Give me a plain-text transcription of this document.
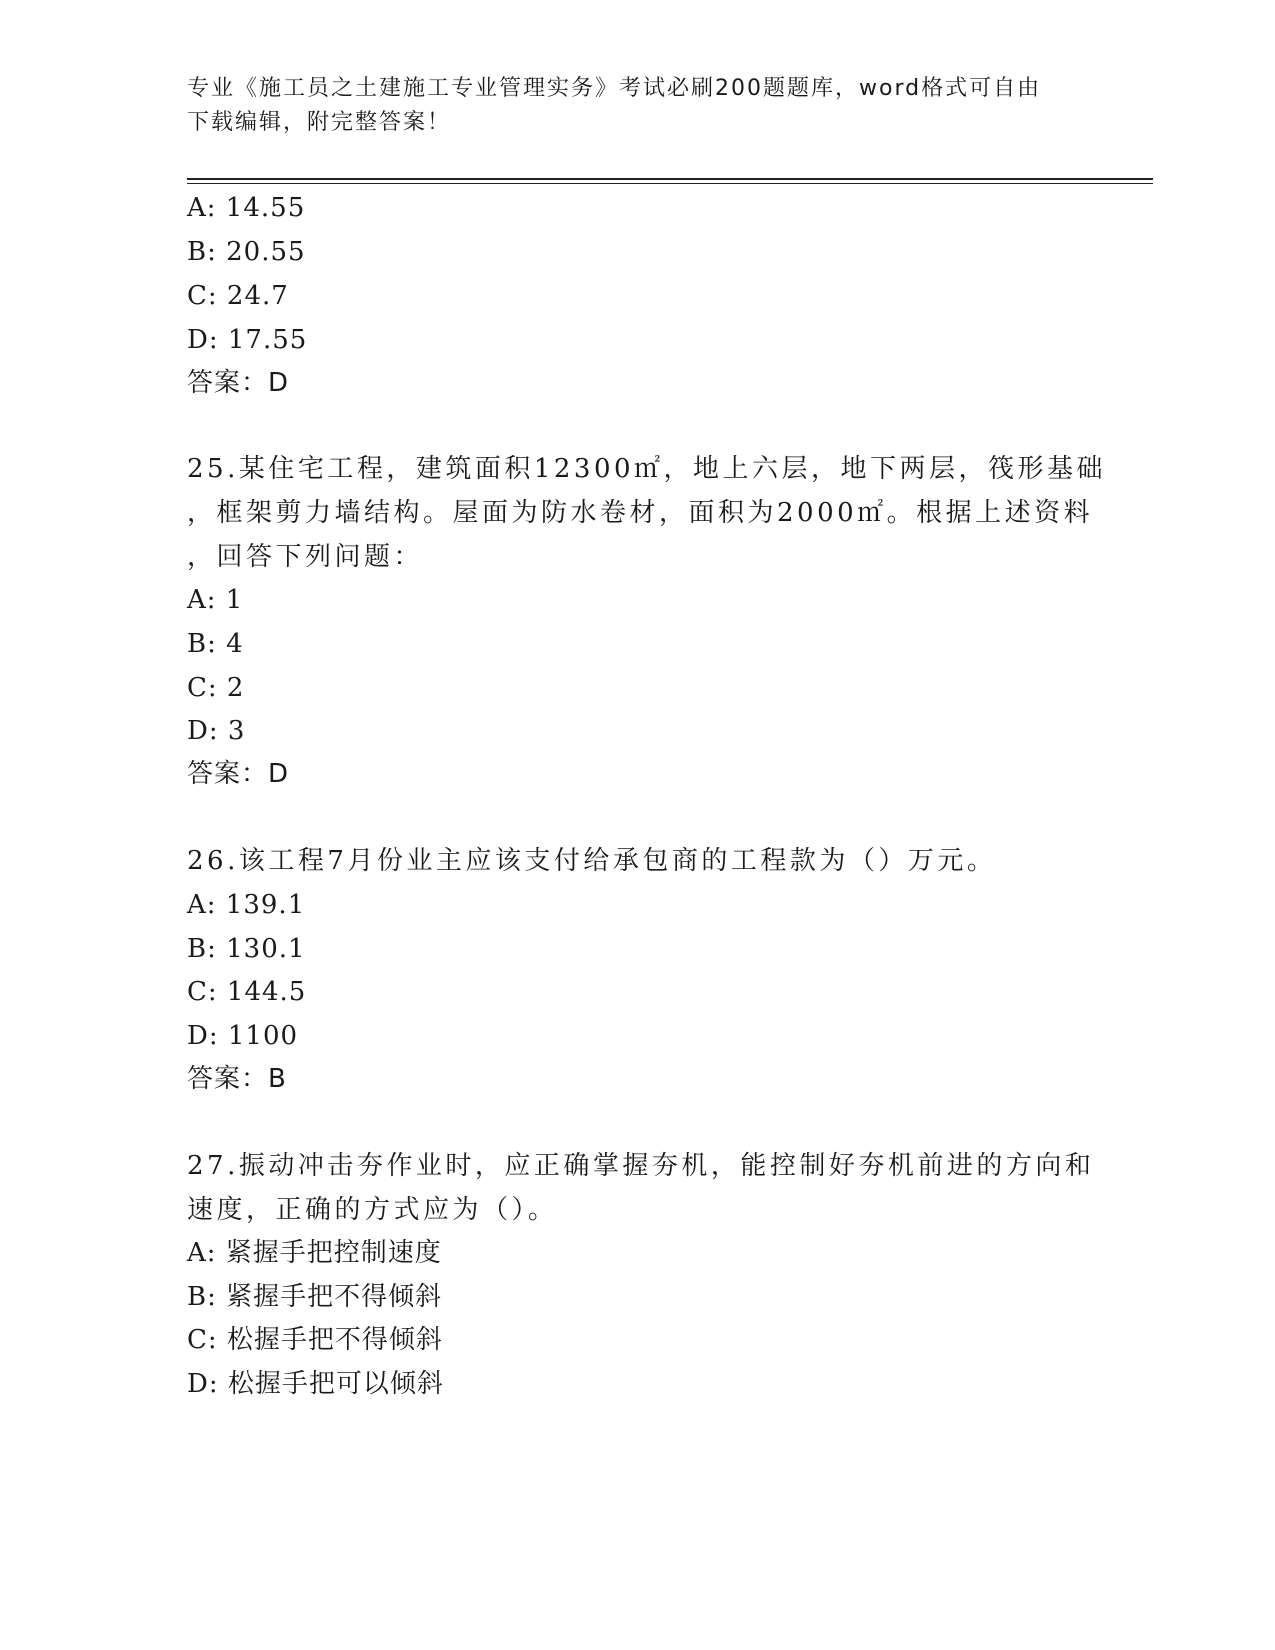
专业《施工员之土建施工专业管理实务》考试必刷200题题库，word格式可自由
下载编辑，附完整答案！
A: 14.55
B: 20.55
C: 24.7
D: 17.55
答案：D
25.某住宅工程，建筑面积12300㎡，地上六层，地下两层，筏形基础
，框架剪力墙结构。屋面为防水卷材，面积为2000㎡。根据上述资料
，回答下列问题：
A: 1
B: 4
C: 2
D: 3
答案：D
26.该工程7月份业主应该支付给承包商的工程款为（）万元。
A: 139.1
B: 130.1
C: 144.5
D: 1100
答案：B
27.振动冲击夯作业时，应正确掌握夯机，能控制好夯机前进的方向和
速度，正确的方式应为（）。
A: 紧握手把控制速度
B: 紧握手把不得倾斜
C: 松握手把不得倾斜
D: 松握手把可以倾斜
